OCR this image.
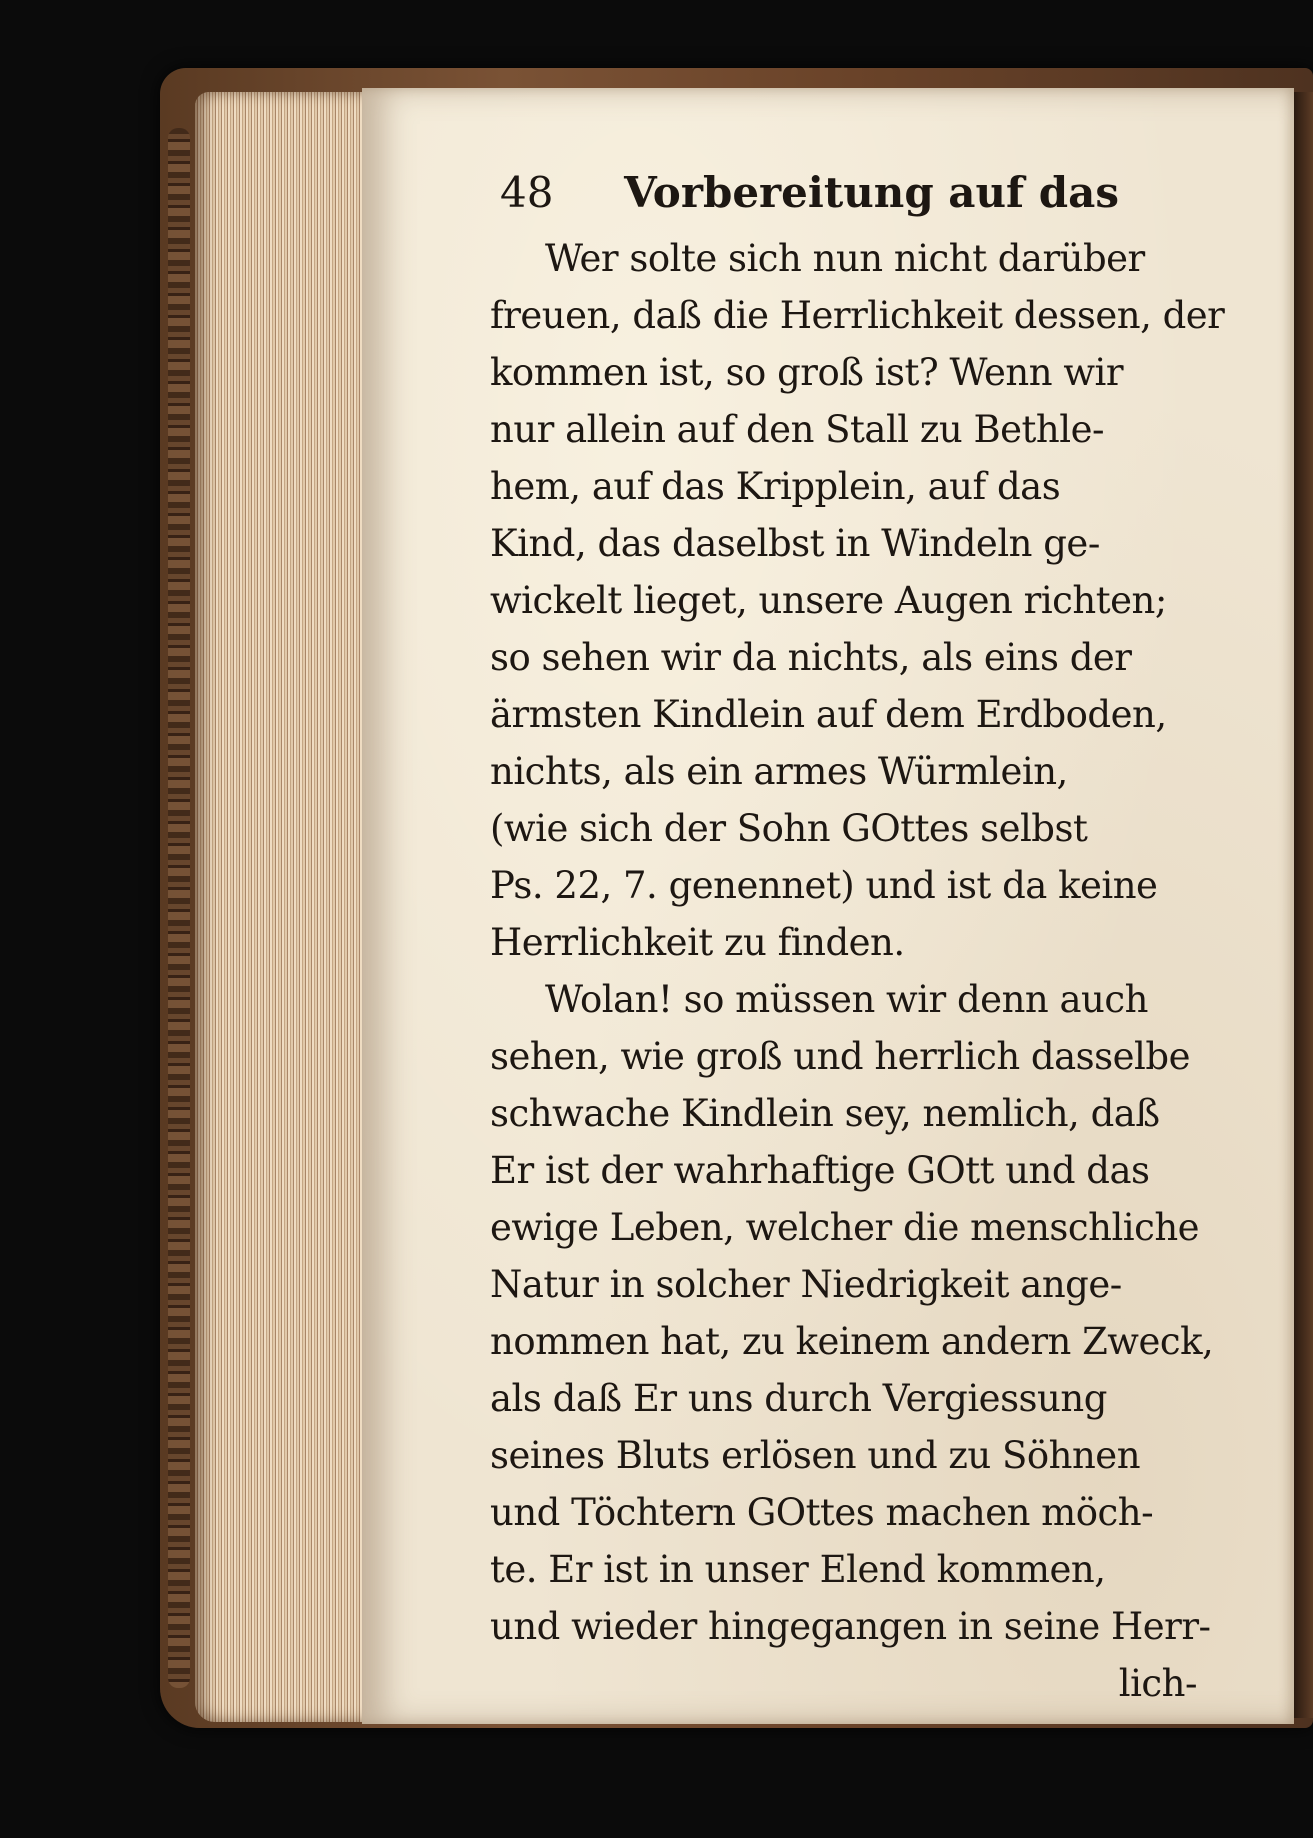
48 Vorbereitung auf das
Wer solte sich nun nicht darüber
freuen, daß die Herrlichkeit dessen, der
kommen ist, so groß ist? Wenn wir
nur allein auf den Stall zu Bethle-
hem, auf das Kripplein, auf das
Kind, das daselbst in Windeln ge-
wickelt lieget, unsere Augen richten;
so sehen wir da nichts, als eins der
ärmsten Kindlein auf dem Erdboden,
nichts, als ein armes Würmlein,
(wie sich der Sohn GOttes selbst
Ps. 22, 7. genennet) und ist da keine
Herrlichkeit zu finden.
Wolan! so müssen wir denn auch
sehen, wie groß und herrlich dasselbe
schwache Kindlein sey, nemlich, daß
Er ist der wahrhaftige GOtt und das
ewige Leben, welcher die menschliche
Natur in solcher Niedrigkeit ange-
nommen hat, zu keinem andern Zweck,
als daß Er uns durch Vergiessung
seines Bluts erlösen und zu Söhnen
und Töchtern GOttes machen möch-
te. Er ist in unser Elend kommen,
und wieder hingegangen in seine Herr-
lich-
